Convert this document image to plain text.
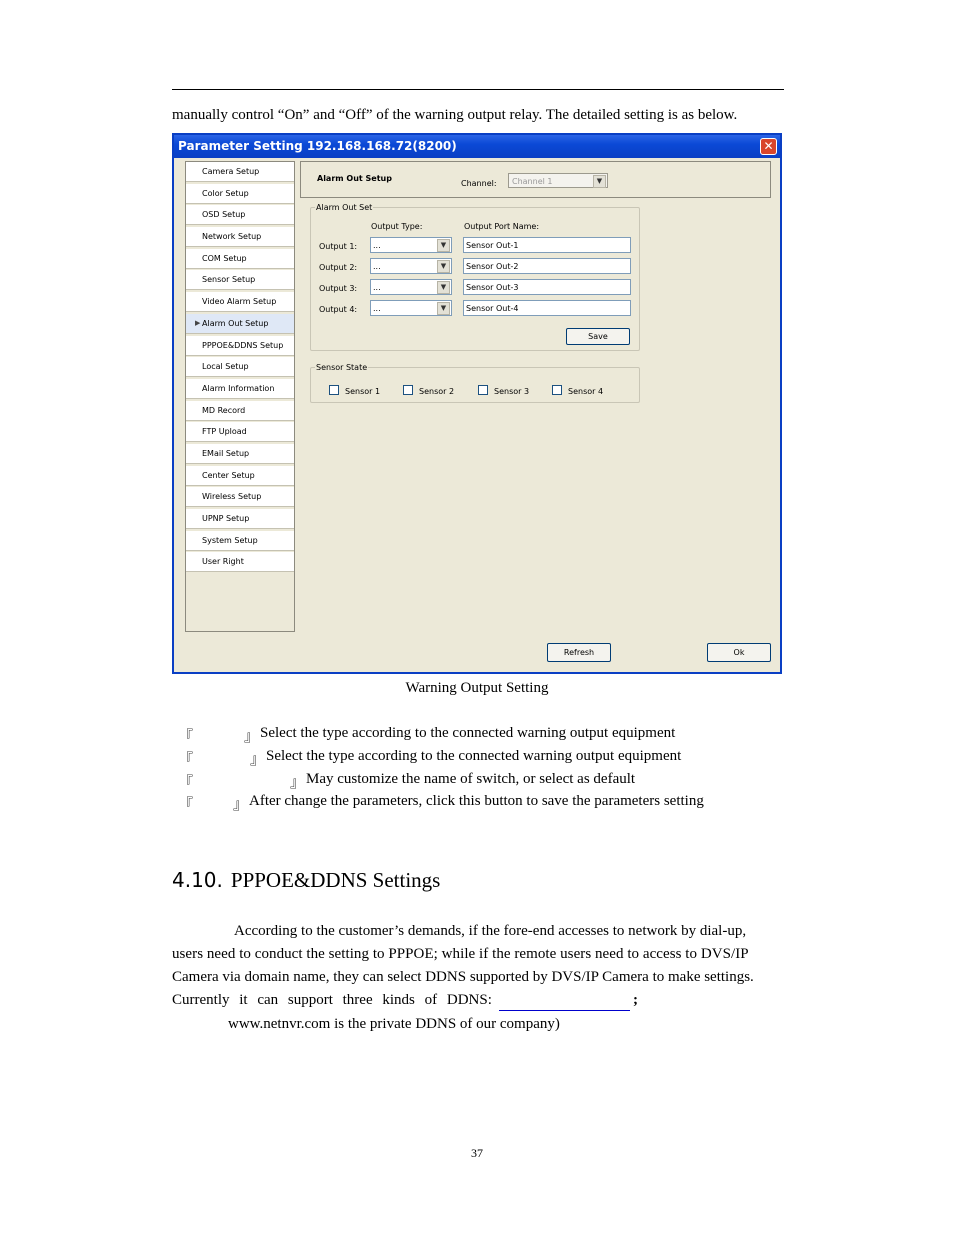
manually control “On” and “Off” of the warning output relay. The detailed setting is as below.
Parameter Setting 192.168.168.72(8200)	✕
Camera Setup
Color Setup
OSD Setup
Network Setup
COM Setup
Sensor Setup
Video Alarm Setup
▶ Alarm Out Setup
PPPOE&DDNS Setup
Local Setup
Alarm Information
MD Record
FTP Upload
EMail Setup
Center Setup
Wireless Setup
UPNP Setup
System Setup
User Right
Alarm Out Setup
Channel:	Channel 1	▼
Alarm Out Set
Output Type:	Output Port Name:
Output 1:	...	▼	Sensor Out-1
Output 2:	...	▼	Sensor Out-2
Output 3:	...	▼	Sensor Out-3
Output 4:	...	▼	Sensor Out-4
Save
Sensor State
Sensor 1	Sensor 2	Sensor 3	Sensor 4
Refresh	Ok
Warning Output Setting
『	』 Select the type according to the connected warning output equipment
『	』 Select the type according to the connected warning output equipment
『	』 May customize the name of switch, or select as default
『	』 After change the parameters, click this button to save the parameters setting
4.10. PPPOE&DDNS Settings
According to the customer’s demands, if the fore-end accesses to network by dial-up,
users need to conduct the setting to PPPOE; while if the remote users need to access to DVS/IP
Camera via domain name, they can select DDNS supported by DVS/IP Camera to make settings.
Currently it can support three kinds of DDNS:	;
www.netnvr.com is the private DDNS of our company)
37
